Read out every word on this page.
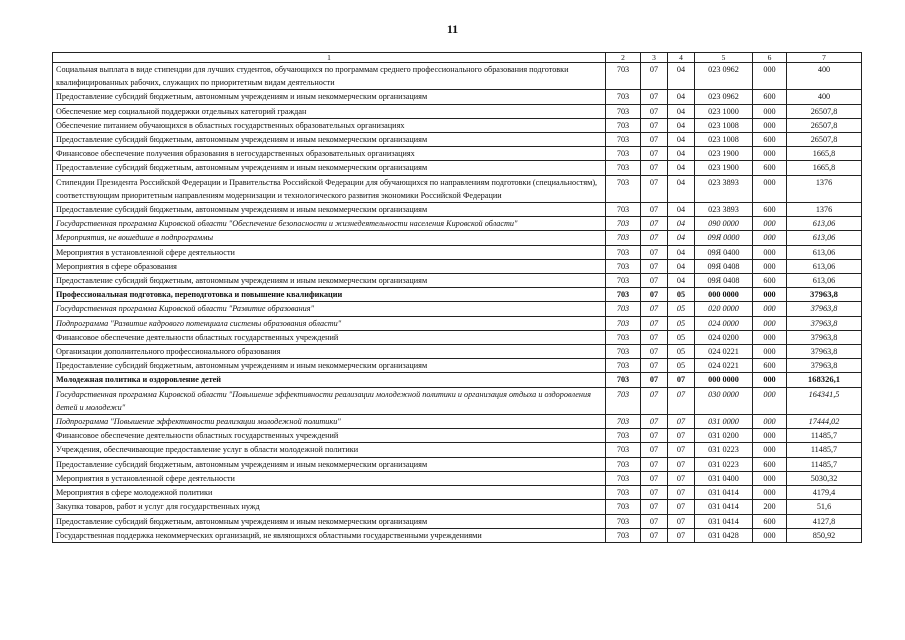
11
1	2	3	4	5	6	7
Социальная выплата в виде стипендии для лучших студентов, обучающихся по программам среднего профессионального образования подготовки квалифицированных рабочих, служащих по приоритетным видам деятельности	703	07	04	023 0962	000	400
Предоставление субсидий бюджетным, автономным учреждениям и иным некоммерческим организациям	703	07	04	023 0962	600	400
Обеспечение мер социальной поддержки отдельных категорий граждан	703	07	04	023 1000	000	26507,8
Обеспечение питанием обучающихся в областных государственных образовательных организациях	703	07	04	023 1008	000	26507,8
Предоставление субсидий бюджетным, автономным учреждениям и иным некоммерческим организациям	703	07	04	023 1008	600	26507,8
Финансовое обеспечение получения образования в негосударственных образовательных организациях	703	07	04	023 1900	000	1665,8
Предоставление субсидий бюджетным, автономным учреждениям и иным некоммерческим организациям	703	07	04	023 1900	600	1665,8
Стипендии Президента Российской Федерации и Правительства Российской Федерации для обучающихся по направлениям подготовки (специальностям), соответствующим приоритетным направлениям модернизации и технологического развития экономики Российской Федерации	703	07	04	023 3893	000	1376
Предоставление субсидий бюджетным, автономным учреждениям и иным некоммерческим организациям	703	07	04	023 3893	600	1376
Государственная программа Кировской области "Обеспечение безопасности и жизнедеятельности населения Кировской области"	703	07	04	090 0000	000	613,06
Мероприятия, не вошедшие в подпрограммы	703	07	04	09Я 0000	000	613,06
Мероприятия в установленной сфере деятельности	703	07	04	09Я 0400	000	613,06
Мероприятия в сфере образования	703	07	04	09Я 0408	000	613,06
Предоставление субсидий бюджетным, автономным учреждениям и иным некоммерческим организациям	703	07	04	09Я 0408	600	613,06
Профессиональная подготовка, переподготовка и повышение квалификации	703	07	05	000 0000	000	37963,8
Государственная программа Кировской области "Развитие образования"	703	07	05	020 0000	000	37963,8
Подпрограмма "Развитие кадрового потенциала системы образования области"	703	07	05	024 0000	000	37963,8
Финансовое обеспечение деятельности областных государственных учреждений	703	07	05	024 0200	000	37963,8
Организации дополнительного профессионального образования	703	07	05	024 0221	000	37963,8
Предоставление субсидий бюджетным, автономным учреждениям и иным некоммерческим организациям	703	07	05	024 0221	600	37963,8
Молодежная политика и оздоровление детей	703	07	07	000 0000	000	168326,1
Государственная программа Кировской области "Повышение эффективности реализации молодежной политики и организация отдыха и оздоровления детей и молодежи"	703	07	07	030 0000	000	164341,5
Подпрограмма "Повышение эффективности реализации молодежной политики"	703	07	07	031 0000	000	17444,02
Финансовое обеспечение деятельности областных государственных учреждений	703	07	07	031 0200	000	11485,7
Учреждения, обеспечивающие предоставление услуг в области молодежной политики	703	07	07	031 0223	000	11485,7
Предоставление субсидий бюджетным, автономным учреждениям и иным некоммерческим организациям	703	07	07	031 0223	600	11485,7
Мероприятия в установленной сфере деятельности	703	07	07	031 0400	000	5030,32
Мероприятия в сфере молодежной политики	703	07	07	031 0414	000	4179,4
Закупка товаров, работ и услуг для государственных нужд	703	07	07	031 0414	200	51,6
Предоставление субсидий бюджетным, автономным учреждениям и иным некоммерческим организациям	703	07	07	031 0414	600	4127,8
Государственная поддержка некоммерческих организаций, не являющихся областными государственными учреждениями	703	07	07	031 0428	000	850,92
